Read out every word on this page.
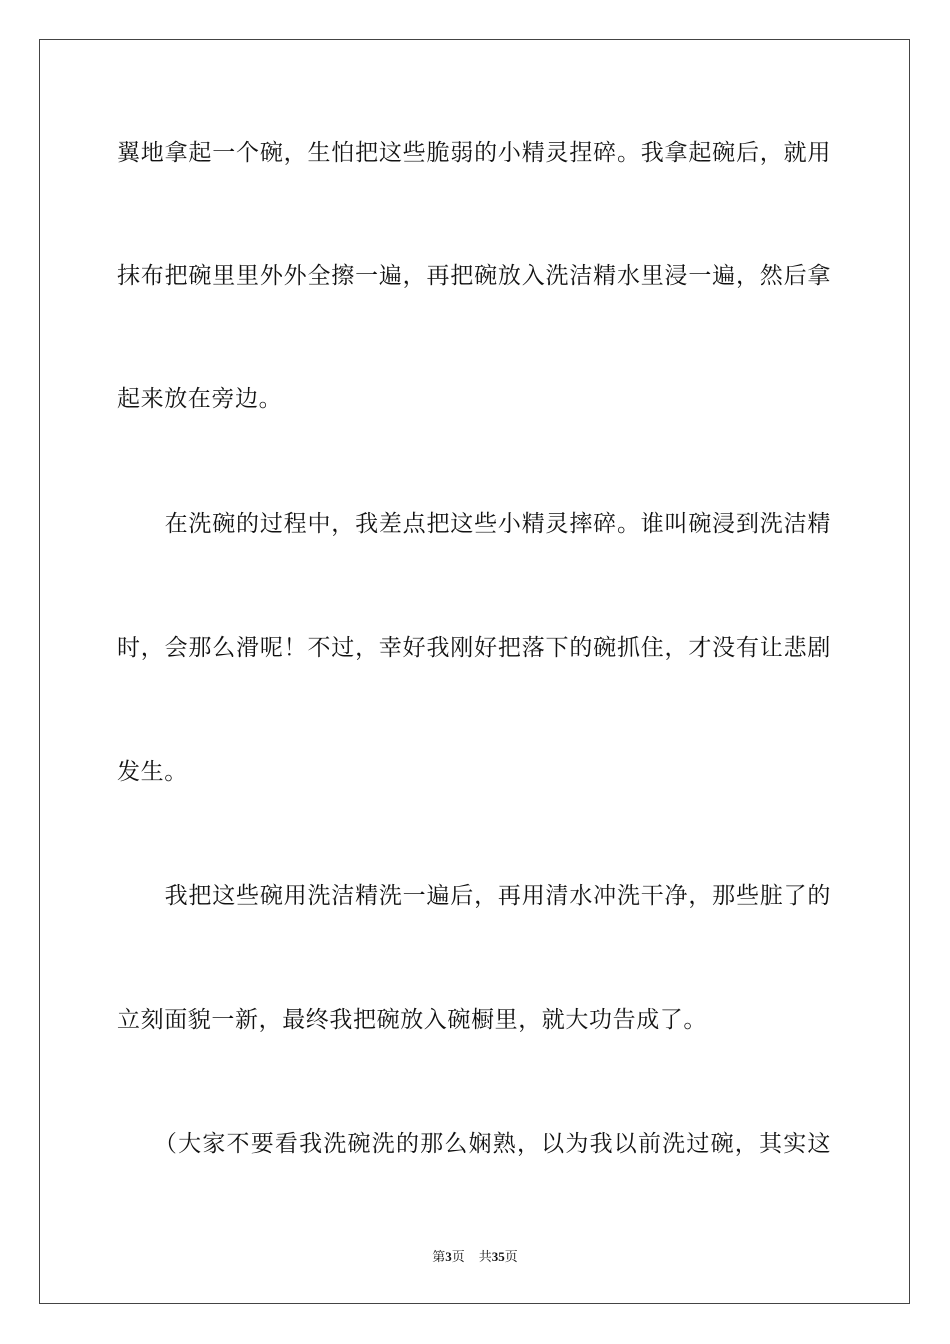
翼地拿起一个碗，生怕把这些脆弱的小精灵捏碎。我拿起碗后，就用
抹布把碗里里外外全擦一遍，再把碗放入洗洁精水里浸一遍，然后拿
起来放在旁边。
　　在洗碗的过程中，我差点把这些小精灵摔碎。谁叫碗浸到洗洁精
时，会那么滑呢！不过，幸好我刚好把落下的碗抓住，才没有让悲剧
发生。
　　我把这些碗用洗洁精洗一遍后，再用清水冲洗干净，那些脏了的
立刻面貌一新，最终我把碗放入碗橱里，就大功告成了。
　　（大家不要看我洗碗洗的那么娴熟，以为我以前洗过碗，其实这
第3页 共35页
